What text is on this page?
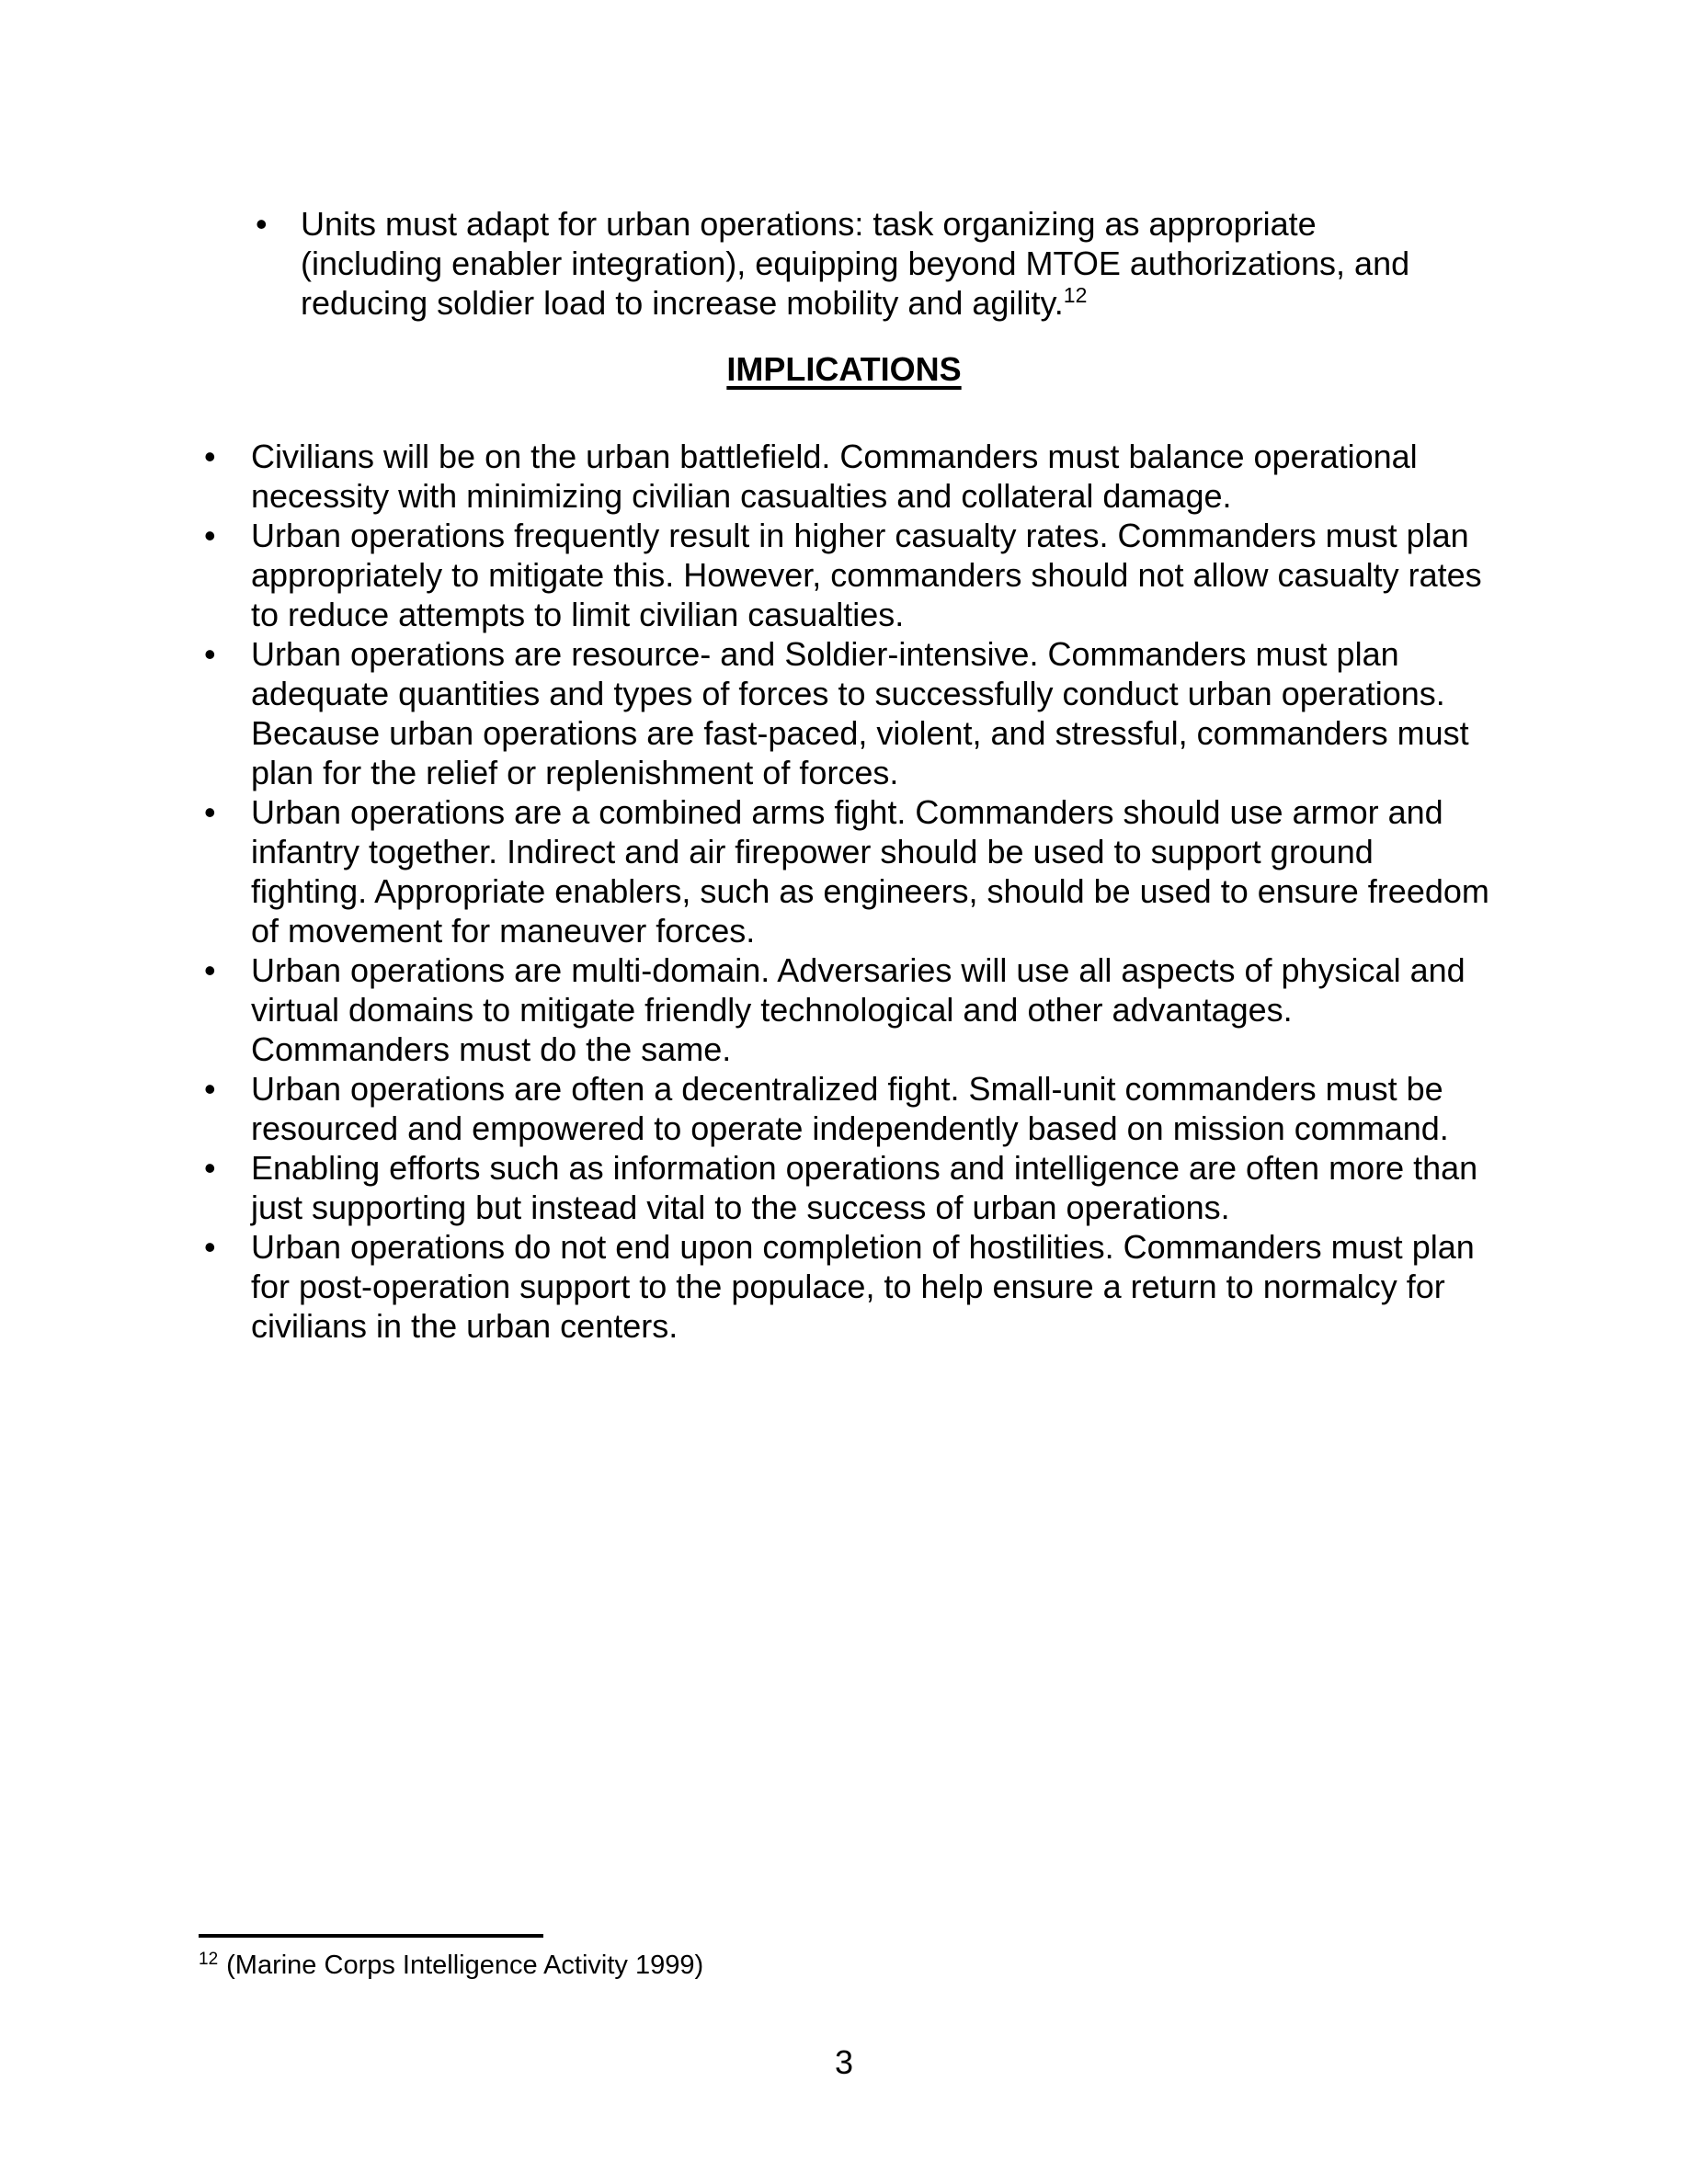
• Units must adapt for urban operations: task organizing as appropriate (including enabler integration), equipping beyond MTOE authorizations, and reducing soldier load to increase mobility and agility.$^{12}$
IMPLICATIONS
• Civilians will be on the urban battlefield. Commanders must balance operational necessity with minimizing civilian casualties and collateral damage.
• Urban operations frequently result in higher casualty rates. Commanders must plan appropriately to mitigate this. However, commanders should not allow casualty rates to reduce attempts to limit civilian casualties.
• Urban operations are resource- and Soldier-intensive. Commanders must plan adequate quantities and types of forces to successfully conduct urban operations. Because urban operations are fast-paced, violent, and stressful, commanders must plan for the relief or replenishment of forces.
• Urban operations are a combined arms fight. Commanders should use armor and infantry together. Indirect and air firepower should be used to support ground fighting. Appropriate enablers, such as engineers, should be used to ensure freedom of movement for maneuver forces.
• Urban operations are multi-domain. Adversaries will use all aspects of physical and virtual domains to mitigate friendly technological and other advantages. Commanders must do the same.
• Urban operations are often a decentralized fight. Small-unit commanders must be resourced and empowered to operate independently based on mission command.
• Enabling efforts such as information operations and intelligence are often more than just supporting but instead vital to the success of urban operations.
• Urban operations do not end upon completion of hostilities. Commanders must plan for post-operation support to the populace, to help ensure a return to normalcy for civilians in the urban centers.
$^{12}$ (Marine Corps Intelligence Activity 1999)
3
